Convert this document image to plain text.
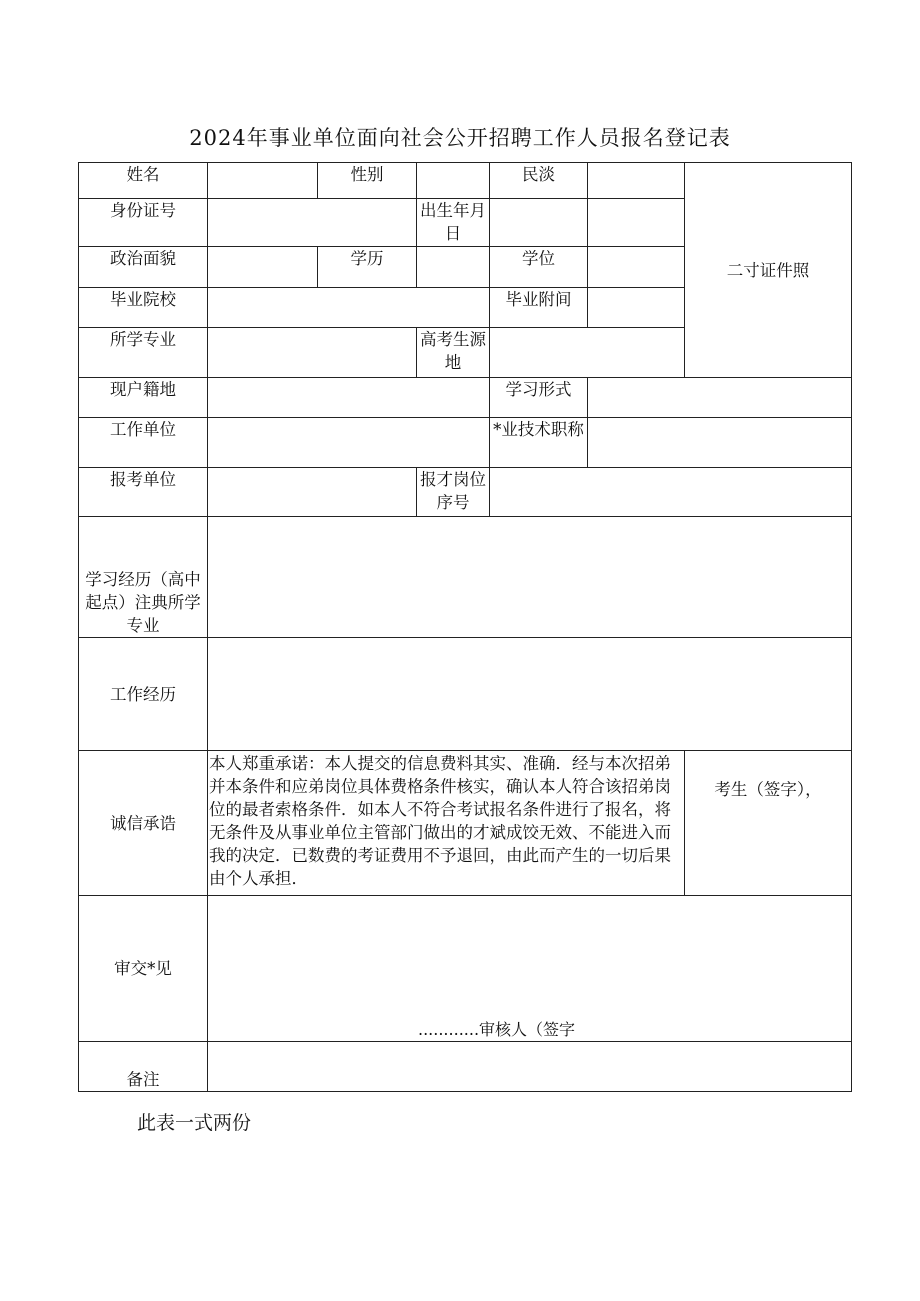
2024年事业单位面向社会公开招聘工作人员报名登记表
姓名		性别		民淡		二寸证件照
身份证号			出生年月日			
政治面貌		学历		学位		
毕业院校				毕业附间		
所学专业			高考生源地			
现户籍地				学习形式		
工作单位				*业技术职称		
报考单位			报才岗位序号			
学习经历（高中起点）注典所学专业						
工作经历						
诚信承诰	本人郑重承诺：本人提交的信息费料其实、准确．经与本次招弟并本条件和应弟岗位具体费格条件核实，确认本人符合该招弟岗位的最者索格条件．如本人不符合考试报名条件进行了报名，将无条件及从事业单位主管部门做出的才斌成饺无效、不能进入而我的决定．已数费的考证费用不予退回，由此而产生的一切后果由个人承担．					考生（签字），
审交*见	............审核人（签字					

备注						
此表一式两份
